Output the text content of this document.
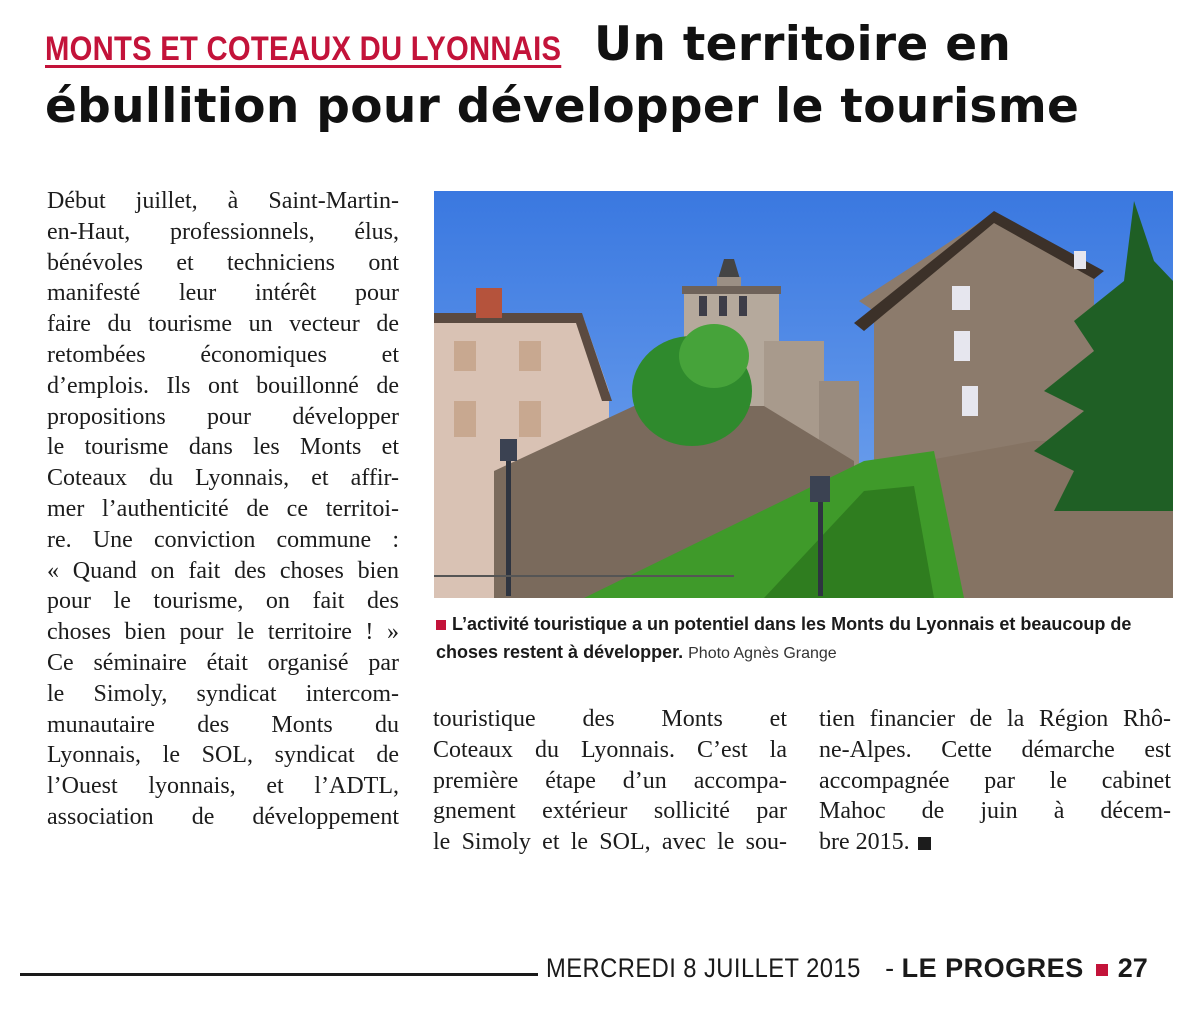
MONTS ET COTEAUX DU LYONNAIS Un territoire en
ébullition pour développer le tourisme

Début juillet, à Saint-Martin-

en-Haut, professionnels, élus,

bénévoles et techniciens ont

manifesté leur intérêt pour

faire du tourisme un vecteur de

retombées économiques et

d’emplois. Ils ont bouillonné de

propositions pour développer

le tourisme dans les Monts et

Coteaux du Lyonnais, et affir-

mer l’authenticité de ce territoi-

re. Une conviction commune :

« Quand on fait des choses bien

pour le tourisme, on fait des

choses bien pour le territoire ! »

Ce séminaire était organisé par

le Simoly, syndicat intercom-

munautaire des Monts du

Lyonnais, le SOL, syndicat de

l’Ouest lyonnais, et l’ADTL,

association de développement

L’activité touristique a un potentiel dans les Monts du Lyonnais et beaucoup de choses restent à développer. Photo Agnès Grange

touristique des Monts et

Coteaux du Lyonnais. C’est la

première étape d’un accompa-

gnement extérieur sollicité par

le Simoly et le SOL, avec le sou-

tien financier de la Région Rhô-

ne-Alpes. Cette démarche est

accompagnée par le cabinet

Mahoc de juin à décem-

bre 2015.

MERCREDI 8 JUILLET 2015 - LE PROGRES 27
